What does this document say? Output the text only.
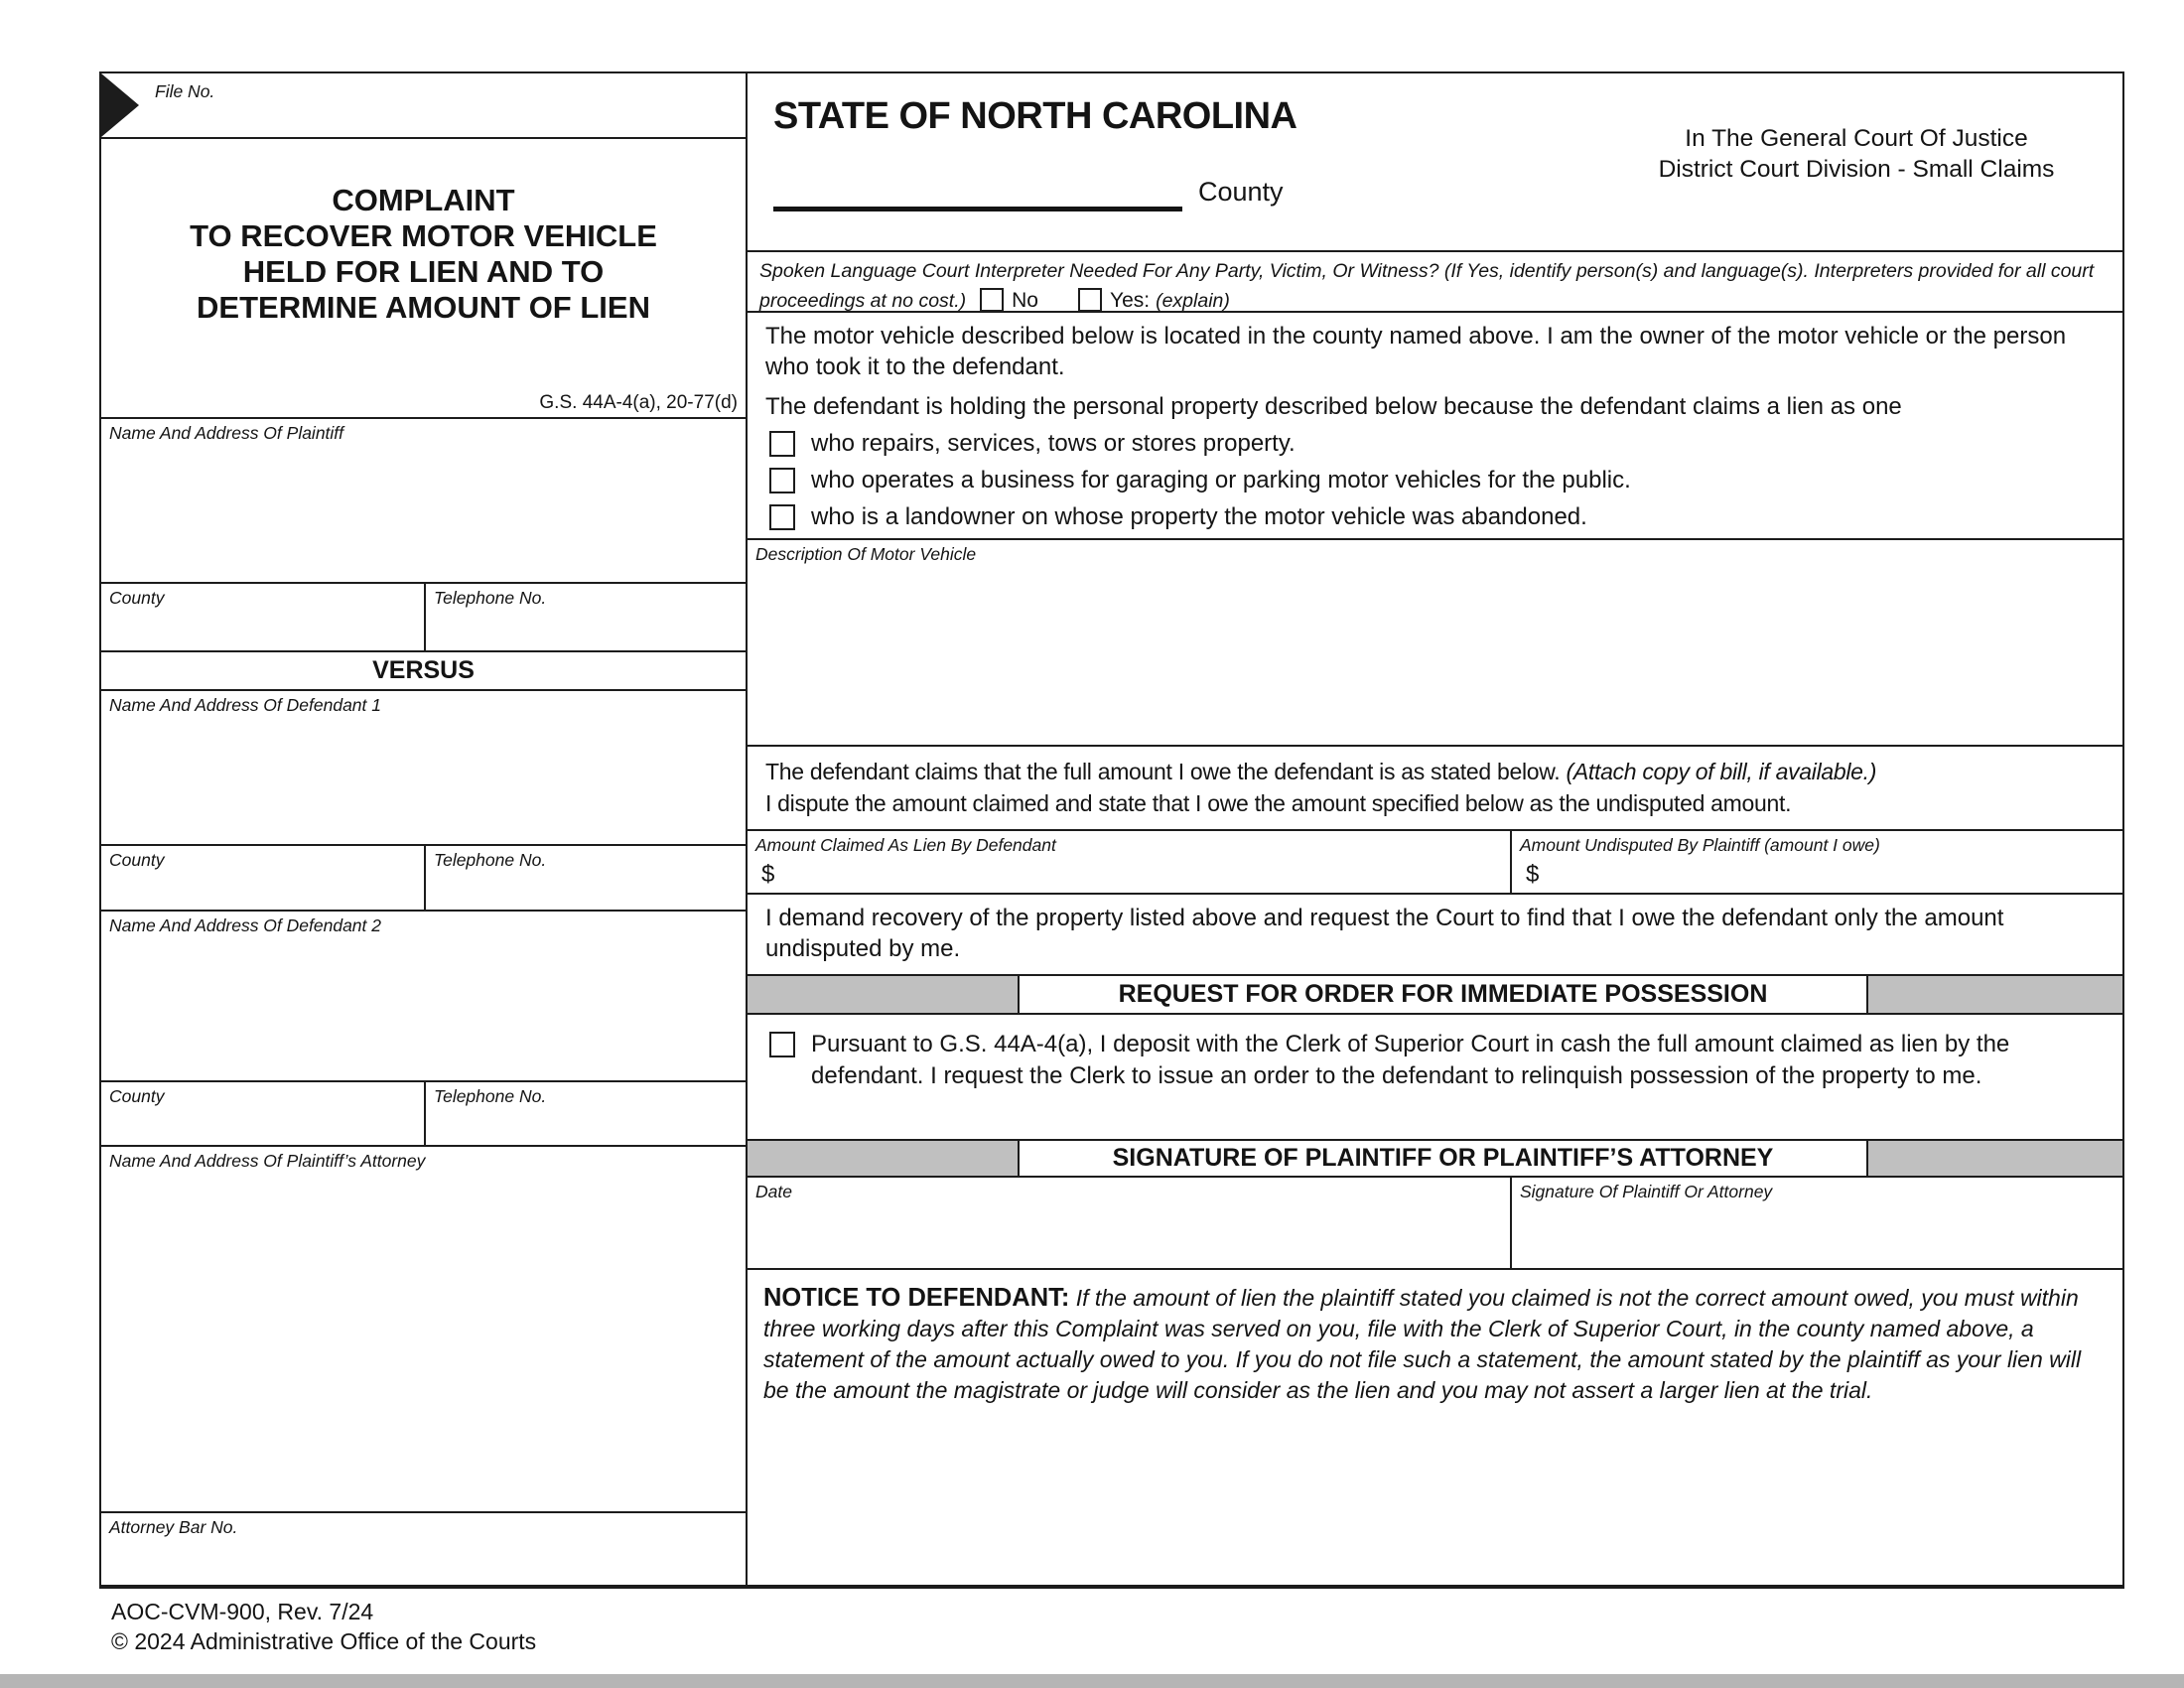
File No.
COMPLAINT
TO RECOVER MOTOR VEHICLE
HELD FOR LIEN AND TO
DETERMINE AMOUNT OF LIEN
G.S. 44A-4(a), 20-77(d)
Name And Address Of Plaintiff
County	Telephone No.
VERSUS
Name And Address Of Defendant 1
County	Telephone No.
Name And Address Of Defendant 2
County	Telephone No.
Name And Address Of Plaintiff’s Attorney
Attorney Bar No.
STATE OF NORTH CAROLINA
County
In The General Court Of Justice
District Court Division - Small Claims
Spoken Language Court Interpreter Needed For Any Party, Victim, Or Witness? (If Yes, identify person(s) and language(s). Interpreters provided for all court proceedings at no cost.) No	Yes: (explain)
The motor vehicle described below is located in the county named above. I am the owner of the motor vehicle or the person who took it to the defendant.
The defendant is holding the personal property described below because the defendant claims a lien as one
who repairs, services, tows or stores property.
who operates a business for garaging or parking motor vehicles for the public.
who is a landowner on whose property the motor vehicle was abandoned.
Description Of Motor Vehicle
The defendant claims that the full amount I owe the defendant is as stated below. (Attach copy of bill, if available.)
I dispute the amount claimed and state that I owe the amount specified below as the undisputed amount.
Amount Claimed As Lien By Defendant
$
Amount Undisputed By Plaintiff (amount I owe)
$
I demand recovery of the property listed above and request the Court to find that I owe the defendant only the amount undisputed by me.
REQUEST FOR ORDER FOR IMMEDIATE POSSESSION
Pursuant to G.S. 44A-4(a), I deposit with the Clerk of Superior Court in cash the full amount claimed as lien by the defendant. I request the Clerk to issue an order to the defendant to relinquish possession of the property to me.
SIGNATURE OF PLAINTIFF OR PLAINTIFF’S ATTORNEY
Date	Signature Of Plaintiff Or Attorney
NOTICE TO DEFENDANT: If the amount of lien the plaintiff stated you claimed is not the correct amount owed, you must within three working days after this Complaint was served on you, file with the Clerk of Superior Court, in the county named above, a statement of the amount actually owed to you. If you do not file such a statement, the amount stated by the plaintiff as your lien will be the amount the magistrate or judge will consider as the lien and you may not assert a larger lien at the trial.
AOC-CVM-900, Rev. 7/24
© 2024 Administrative Office of the Courts
